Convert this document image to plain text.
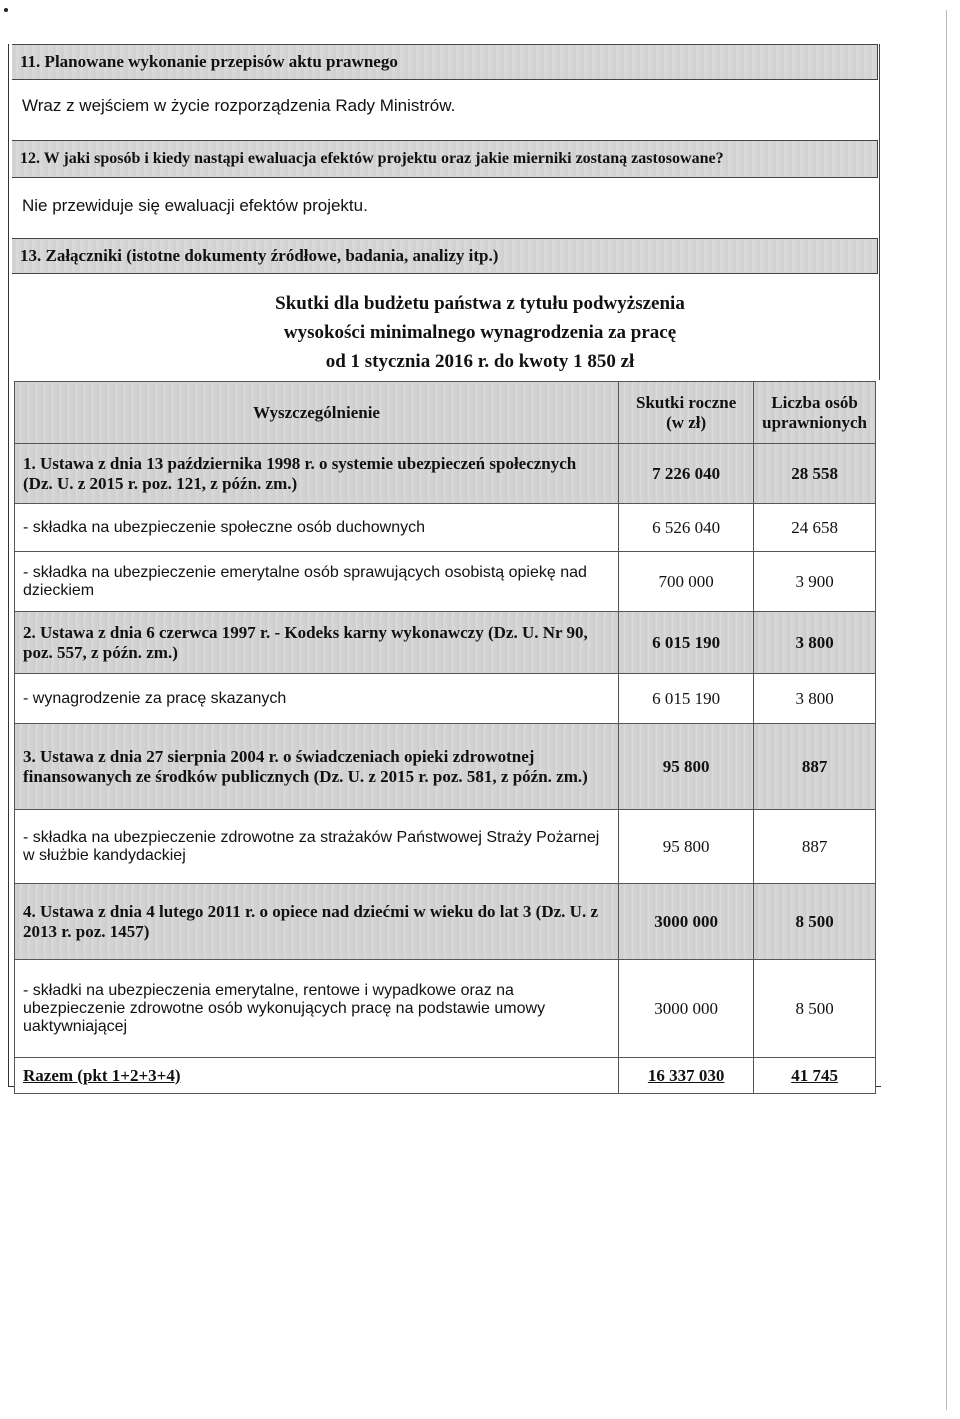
11. Planowane wykonanie przepisów aktu prawnego
Wraz z wejściem w życie rozporządzenia Rady Ministrów.
12. W jaki sposób i kiedy nastąpi ewaluacja efektów projektu oraz jakie mierniki zostaną zastosowane?
Nie przewiduje się ewaluacji efektów projektu.
13. Załączniki (istotne dokumenty źródłowe, badania, analizy itp.)
Skutki dla budżetu państwa z tytułu podwyższenia
wysokości minimalnego wynagrodzenia za pracę
od 1 stycznia 2016 r. do kwoty 1 850 zł
Wyszczególnienie	Skutki roczne (w zł)	Liczba osób uprawnionych
1. Ustawa z dnia 13 października 1998 r. o systemie ubezpieczeń społecznych (Dz. U. z 2015 r. poz. 121, z późn. zm.)	7 226 040	28 558
- składka na ubezpieczenie społeczne osób duchownych	6 526 040	24 658
- składka na ubezpieczenie emerytalne osób sprawujących osobistą opiekę nad dzieckiem	700 000	3 900
2. Ustawa z dnia 6 czerwca 1997 r. - Kodeks karny wykonawczy (Dz. U. Nr 90, poz. 557, z późn. zm.)	6 015 190	3 800
- wynagrodzenie za pracę skazanych	6 015 190	3 800
3. Ustawa z dnia 27 sierpnia 2004 r. o świadczeniach opieki zdrowotnej finansowanych ze środków publicznych (Dz. U. z 2015 r. poz. 581, z późn. zm.)	95 800	887
- składka na ubezpieczenie zdrowotne za strażaków Państwowej Straży Pożarnej w służbie kandydackiej	95 800	887
4. Ustawa z dnia 4 lutego 2011 r. o opiece nad dziećmi w wieku do lat 3 (Dz. U. z 2013 r. poz. 1457)	3000 000	8 500
- składki na ubezpieczenia emerytalne, rentowe i wypadkowe oraz na ubezpieczenie zdrowotne osób wykonujących pracę na podstawie umowy uaktywniającej	3000 000	8 500
Razem (pkt 1+2+3+4)	16 337 030	41 745
